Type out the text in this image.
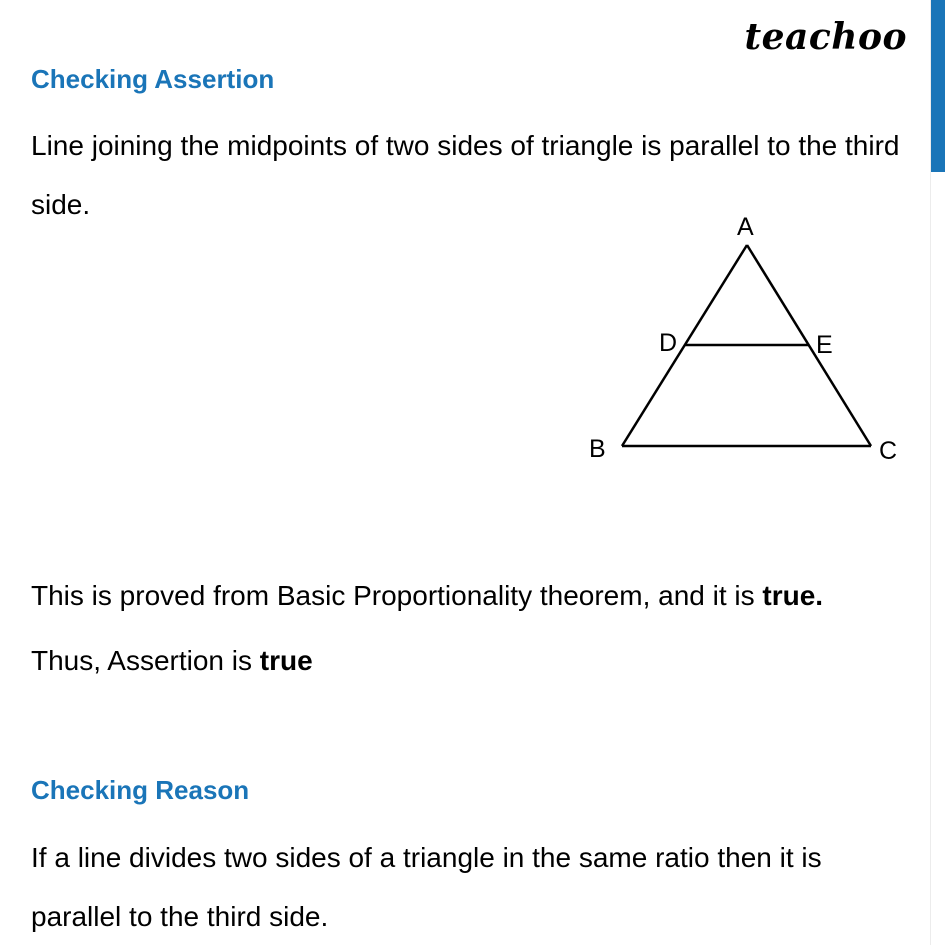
teachoo
Checking Assertion

Line joining the midpoints of two sides of triangle is parallel to the third side.

A
B	C
D	E

This is proved from Basic Proportionality theorem, and it is true.

Thus, Assertion is true

Checking Reason

If a line divides two sides of a triangle in the same ratio then it is parallel to the third side.
